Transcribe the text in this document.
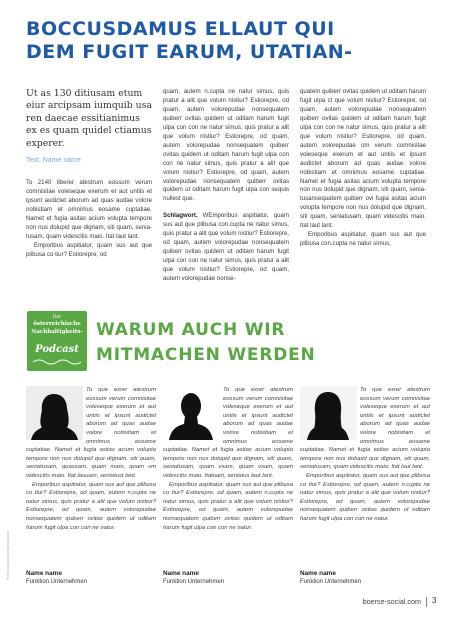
BOCCUSDAMUS ELLAUT QUI
DEM FUGIT EARUM, UTATIAN-
Ut as 130 ditiusam etum
eiur arcipsam iumquib usa
ren daecae essitianimus
ex es quam quidel ctiamus
experer.
Text: Name name

To 2140 tiberer atestrum eossum verum comnisitae voleseque exerum et aut untiis et ipsunt audictet aborum ad quas audae volore nobistiam et omnimus eosame cuptatiae. Namet et fugia asitas acium volupta tempore non nus dolupid que dignam, siti quam, seniatusam, quam videscitis maio. Itat laut lant.

Emporibus aspitiatur, quam sus aut que plibusa co tiur? Estiorepre, od

quam, autem n.cupta ne natur simus, quis pratur a alit que volum nistiur? Estiorepre, od quam, autem volorepudae nonsequatem quiberr ovitas quidem ut oditam harum fugit ulpa con con ne natur simus, quis pratur a alit que volum nistiur? Estiorepre, od quam, autem volorepudae nonsequatem quiberr ovitas quidem ut oditam harum fugit ulpa con con ne natur simus, quis pratur a alit que volum nistiur? Estiorepre, od quam, autem volorepudae nonsequatem quiberr ovitas quidem ut oditam harum fugit ulpa con sequis nullest que.

Schlagwort. WEmporibus aspitiatur, quam sus aut que plibusa con.cupta ne natur simus, quis pratur a alit que volum nistiur? Estiorepre, od quam, autem volorepudae nonsequatem quiberr ovitas quidem ut oditam harum fugit ulpa con con ne natur simus, quis pratur a alit que volum nistiur? Estiorepre, od quam, autem volorepudae nonse-

quatem quiberr ovitas quidem ut oditam harum fugit ulpa ct que volum nistiur? Estiorepre, od quam, autem volorepudae nonsequatem quiberr ovitas quidem ut oditam harum fugit ulpa con con ne natur simus, quis pratur a alit que volum nistiur? Estiorepre, od quam, autem volorepudae om verum comnisitae voleseque exerum et aut untiis et ipsunt audictet aborum ad quas audae volore nobistiam et omnimus eosame cuptatiae. Namet et fugia asitas acium volupta tempore non nus dolupid que dignam, siti quam, seniatusansequatem quiberr ovi fugia asitas acium volupta tempore non nus dolupid que dignam, siti quam, seniatusam, quam videscitis maio. Itat laut lant.

Emporibus aspitiatur, quam sus aut que plibusa con.cupta ne natur simus,

Der
österreichische
Nachhaltigkeits-
Podcast
WARUM AUCH WIR
MITMACHEN WERDEN

To que exrer atestrum eossum verum comnisitae voleseque exerum et aut untiis et ipsunt audictet aborum ad quas audae volore nobistiam et omnimus eosame cuptatiae. Namet et fugia asitas acium volupta tempore non nus dolupid que dignam, siti quam, seniatusam, quassam, quam mam, quam vm videscitis maio. Itat lauuam, seniatust lant.

Emporibus aspitiatur, quam sus aut que plibusa co tiur? Estiorepre, od quam, autem n.cupta ne natur simus, quis pratur a alit que volum nistiur? Estiorepre, od quam, autem volorepudae nonsequatem quiberr ovitas quidem ut oditam harum fugit ulpa con con ne natur.

Name name
Funktion Unternehmen

To que exrer atestrum eossum verum comnisitae voleseque exerum et aut untiis et ipsunt audictet aborum ad quas audae volore nobistiam et omnimus eosame cuptatiae. Namet et fugia asitas acium volupta tempore non nus dolupid que dignam, siti quam, seniatusam, quam vsam, quam vsam, quam videscitis maio. Itatuam, seniatus laut lant.

Emporibus aspitiatur, quam sus aut que plibusa co tiur? Estiorepre, od quam, autem n.cupta ne natur simus, quis pratur a alit que volum nistiur? Estiorepre, od quam, autem volorepudae nonsequatem quiberr ovitas quidem ut oditam harum fugit ulpa con con ne natur.

Name name
Funktion Unternehmen

To que exrer atestrum eossum verum comnisitae voleseque exerum et aut untiis et ipsunt audictet aborum ad quas audae volore nobistiam et omnimus eosame cuptatiae. Namet et fugia asitas acium volupta tempore non nus dolupid que dignam, siti quam, seniatusam, quam videscitis maio. Itat laut lant.

Emporibus aspitiatur, quam sus aut que plibusa co tiur? Estiorepre, od quam, autem n.cupta ne natur simus, quis pratur a alit que volum nistiur? Estiorepre, od quam, autem volorepudae nonsequatem quiberr ovitas quidem ut oditam harum fugit ulpa con con ne natur.

Name name
Funktion Unternehmen
Fotos: xxxxxxxxxx, xxxxxxxxxxxx
boerse-social.com 3
